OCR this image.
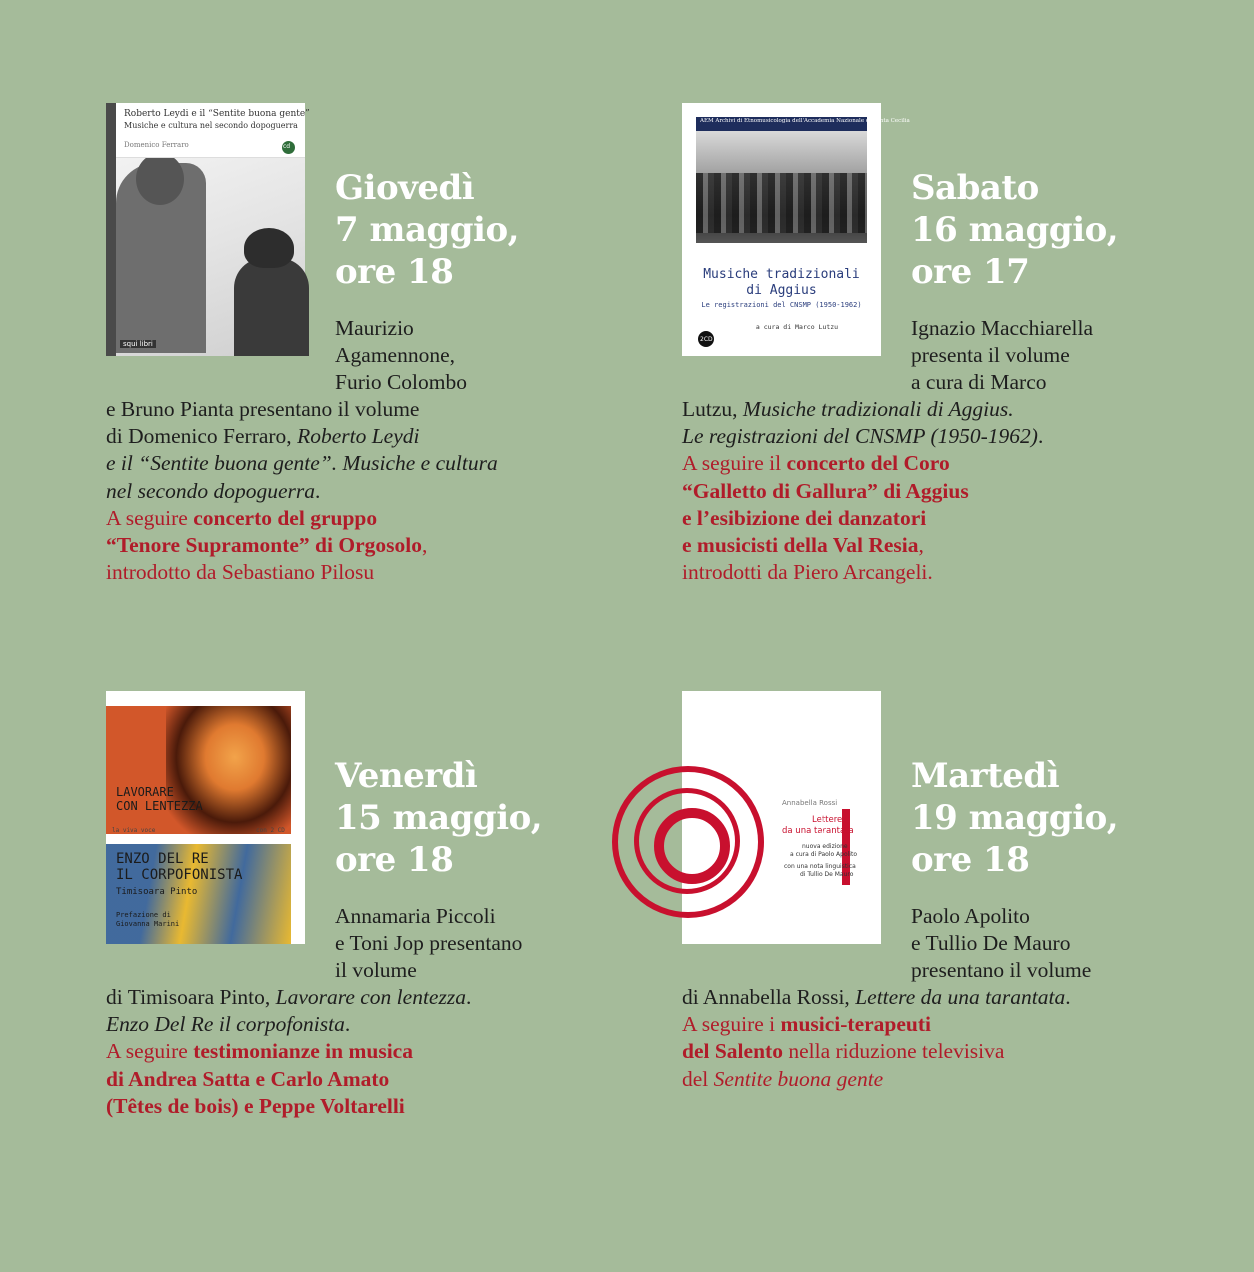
Roberto Leydi e il “Sentite buona gente”
Musiche e cultura nel secondo dopoguerra
Domenico Ferraro	cd
squi libri
Giovedì
7 maggio,
ore 18
Maurizio
Agamennone,
Furio Colombo
e Bruno Pianta presentano il volume
di Domenico Ferraro, Roberto Leydi
e il “Sentite buona gente”. Musiche e cultura
nel secondo dopoguerra.
A seguire concerto del gruppo
“Tenore Supramonte” di Orgosolo,
introdotto da Sebastiano Pilosu
AEM Archivi di Etnomusicologia dell'Accademia Nazionale di Santa Cecilia
Musiche tradizionali
di Aggius
Le registrazioni del CNSMP (1950-1962)
a cura di Marco Lutzu
2CD
Sabato
16 maggio,
ore 17
Ignazio Macchiarella
presenta il volume
a cura di Marco
Lutzu, Musiche tradizionali di Aggius.
Le registrazioni del CNSMP (1950-1962).
A seguire il concerto del Coro
“Galletto di Gallura” di Aggius
e l’esibizione dei danzatori
e musicisti della Val Resia,
introdotti da Piero Arcangeli.
LAVORARE
CON LENTEZZA
la viva voce	con 2 CD
ENZO DEL RE
IL CORPOFONISTA
Timisoara Pinto
Prefazione di
Giovanna Marini
Venerdì
15 maggio,
ore 18
Annamaria Piccoli
e Toni Jop presentano
il volume
di Timisoara Pinto, Lavorare con lentezza.
Enzo Del Re il corpofonista.
A seguire testimonianze in musica
di Andrea Satta e Carlo Amato
(Têtes de bois) e Peppe Voltarelli
Annabella Rossi
Lettere
da una tarantata
nuova edizione
a cura di Paolo Apolito
con una nota linguistica
di Tullio De Mauro
studi strumenti
Martedì
19 maggio,
ore 18
Paolo Apolito
e Tullio De Mauro
presentano il volume
di Annabella Rossi, Lettere da una tarantata.
A seguire i musici-terapeuti
del Salento nella riduzione televisiva
del Sentite buona gente
